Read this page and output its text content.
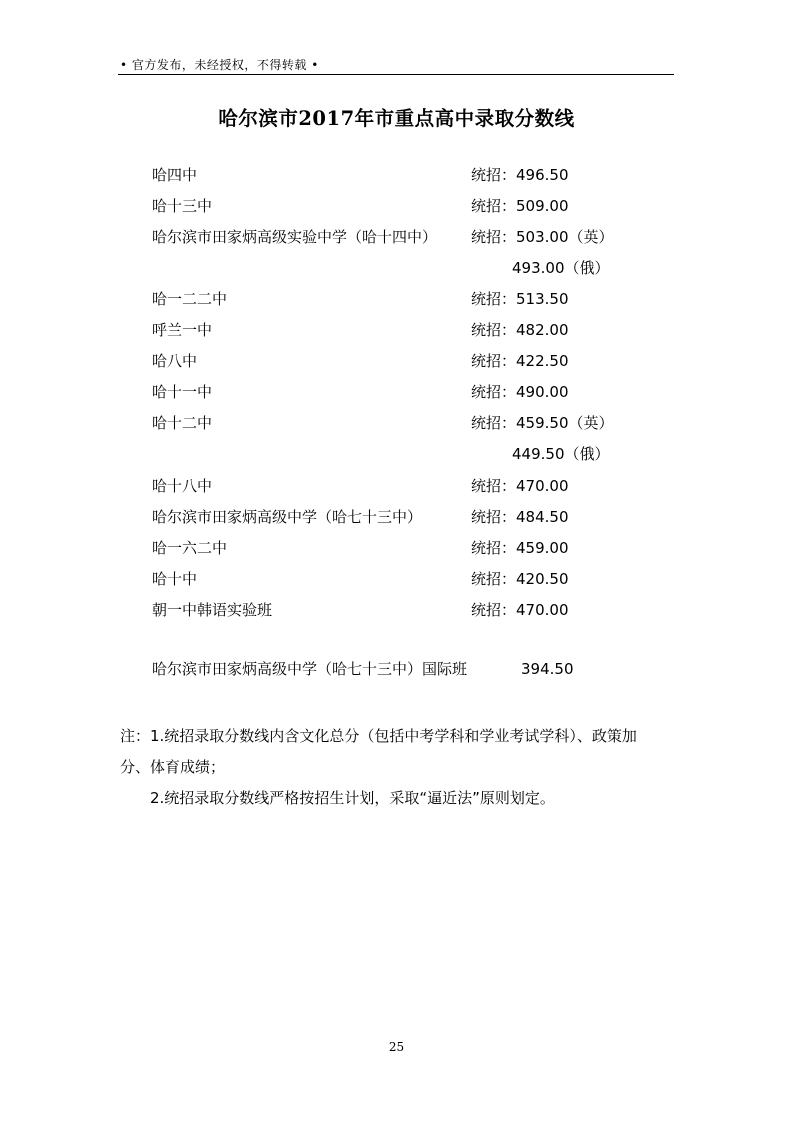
• 官方发布，未经授权，不得转载 •
哈尔滨市2017年市重点高中录取分数线
哈四中	统招：496.50
哈十三中	统招：509.00
哈尔滨市田家炳高级实验中学（哈十四中） 统招：503.00（英）
493.00（俄）
哈一二二中	统招：513.50
呼兰一中	统招：482.00
哈八中	统招：422.50
哈十一中	统招：490.00
哈十二中	统招：459.50（英）
449.50（俄）
哈十八中	统招：470.00
哈尔滨市田家炳高级中学（哈七十三中）	统招：484.50
哈一六二中	统招：459.00
哈十中	统招：420.50
朝一中韩语实验班	统招：470.00
哈尔滨市田家炳高级中学（哈七十三中）国际班	394.50
注：1.统招录取分数线内含文化总分（包括中考学科和学业考试学科）、政策加
分、体育成绩；
2.统招录取分数线严格按招生计划，采取“逼近法”原则划定。
25
